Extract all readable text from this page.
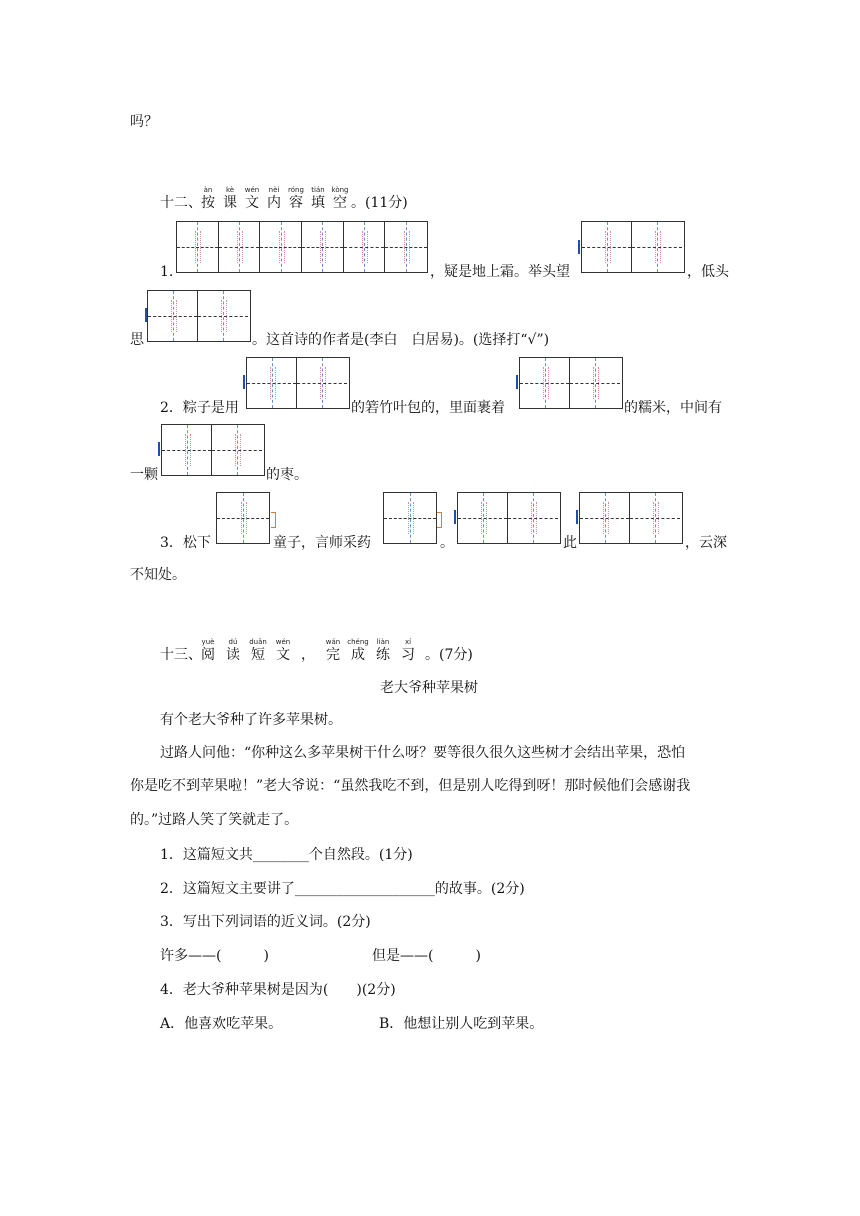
吗？
十二、
àn
按
kè
课
wén
文
nèi
内
róng
容
tián
填
kòng
空 。(11分)
1.	，疑是地上霜。举头望	，低头
思	。这首诗的作者是(李白　白居易)。(选择打“√”)
2．粽子是用	的箬竹叶包的，里面裹着	的糯米，中间有
一颗	的枣。
3．松下	童子，言师采药	。	此	，云深
不知处。
十三、
yuè
阅
dú
读
duǎn
短
wén
文 ，
wán
完
chéng
成
liàn
练
xí
习 。(7分)
老大爷种苹果树
有个老大爷种了许多苹果树。
过路人问他：“你种这么多苹果树干什么呀？要等很久很久这些树才会结出苹果，恐怕
你是吃不到苹果啦！”老大爷说：“虽然我吃不到，但是别人吃得到呀！那时候他们会感谢我
的。”过路人笑了笑就走了。
1．这篇短文共________个自然段。(1分)
2．这篇短文主要讲了____________________的故事。(2分)
3．写出下列词语的近义词。(2分)
许多——(　　　)	但是——(　　　)
4．老大爷种苹果树是因为(　　)(2分)
A．他喜欢吃苹果。	B．他想让别人吃到苹果。
